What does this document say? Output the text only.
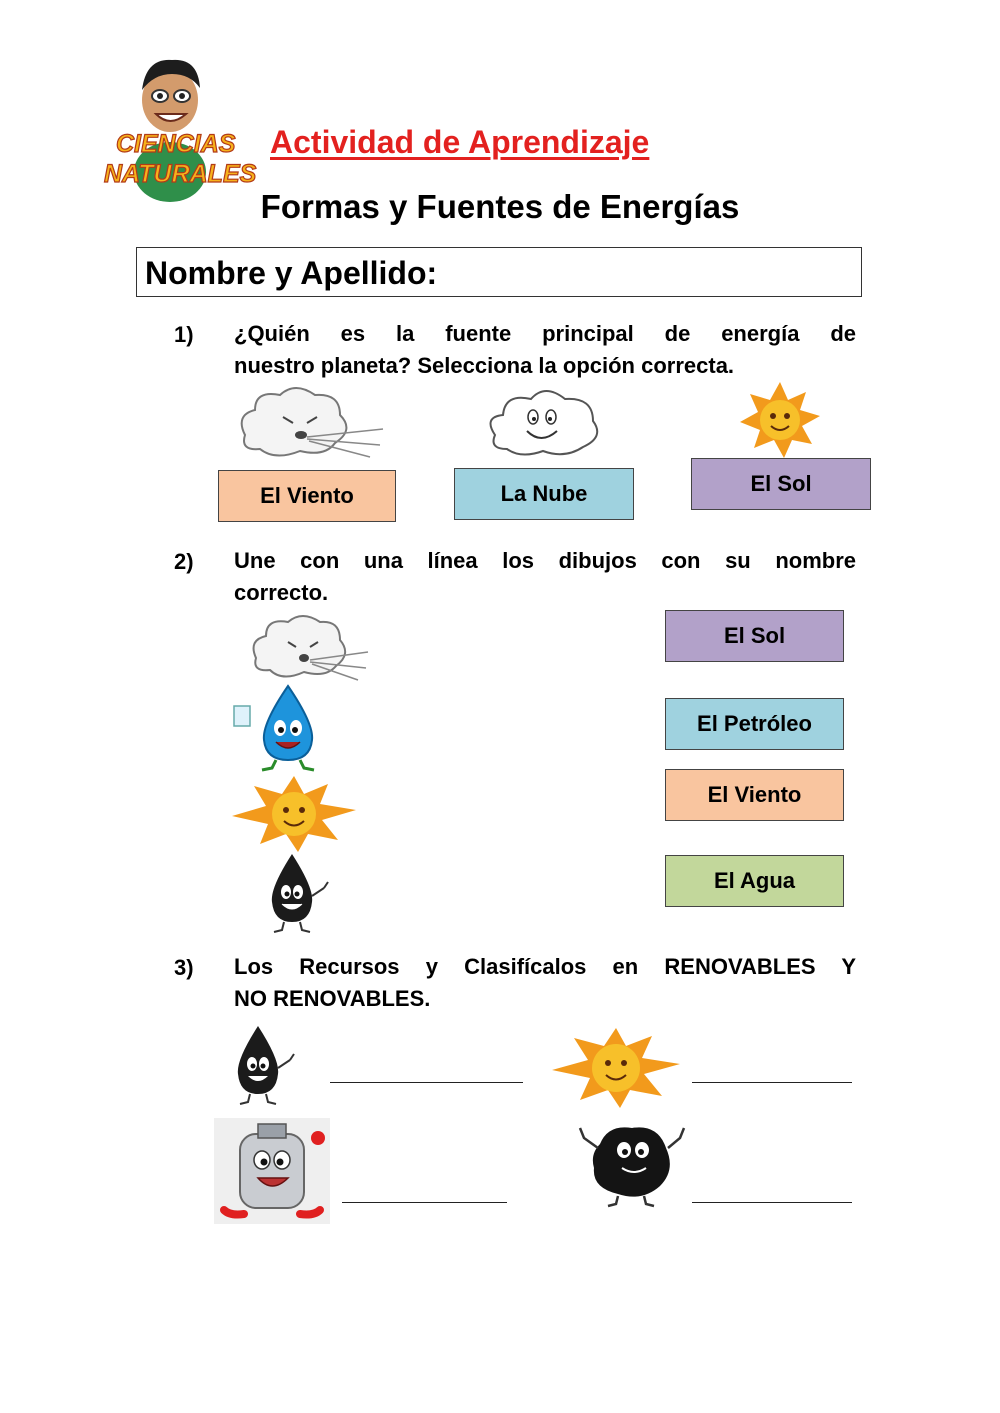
CIENCIAS
NATURALES
Actividad de Aprendizaje
Formas y Fuentes de Energías
Nombre y Apellido:
1) ¿Quién es la fuente principal de energía de
nuestro planeta? Selecciona la opción correcta.
El Viento	La Nube	El Sol
2) Une con una línea los dibujos con su nombre
correcto.
El Sol
El Petróleo
El Viento
El Agua
3) Los Recursos y Clasifícalos en RENOVABLES Y
NO RENOVABLES.
